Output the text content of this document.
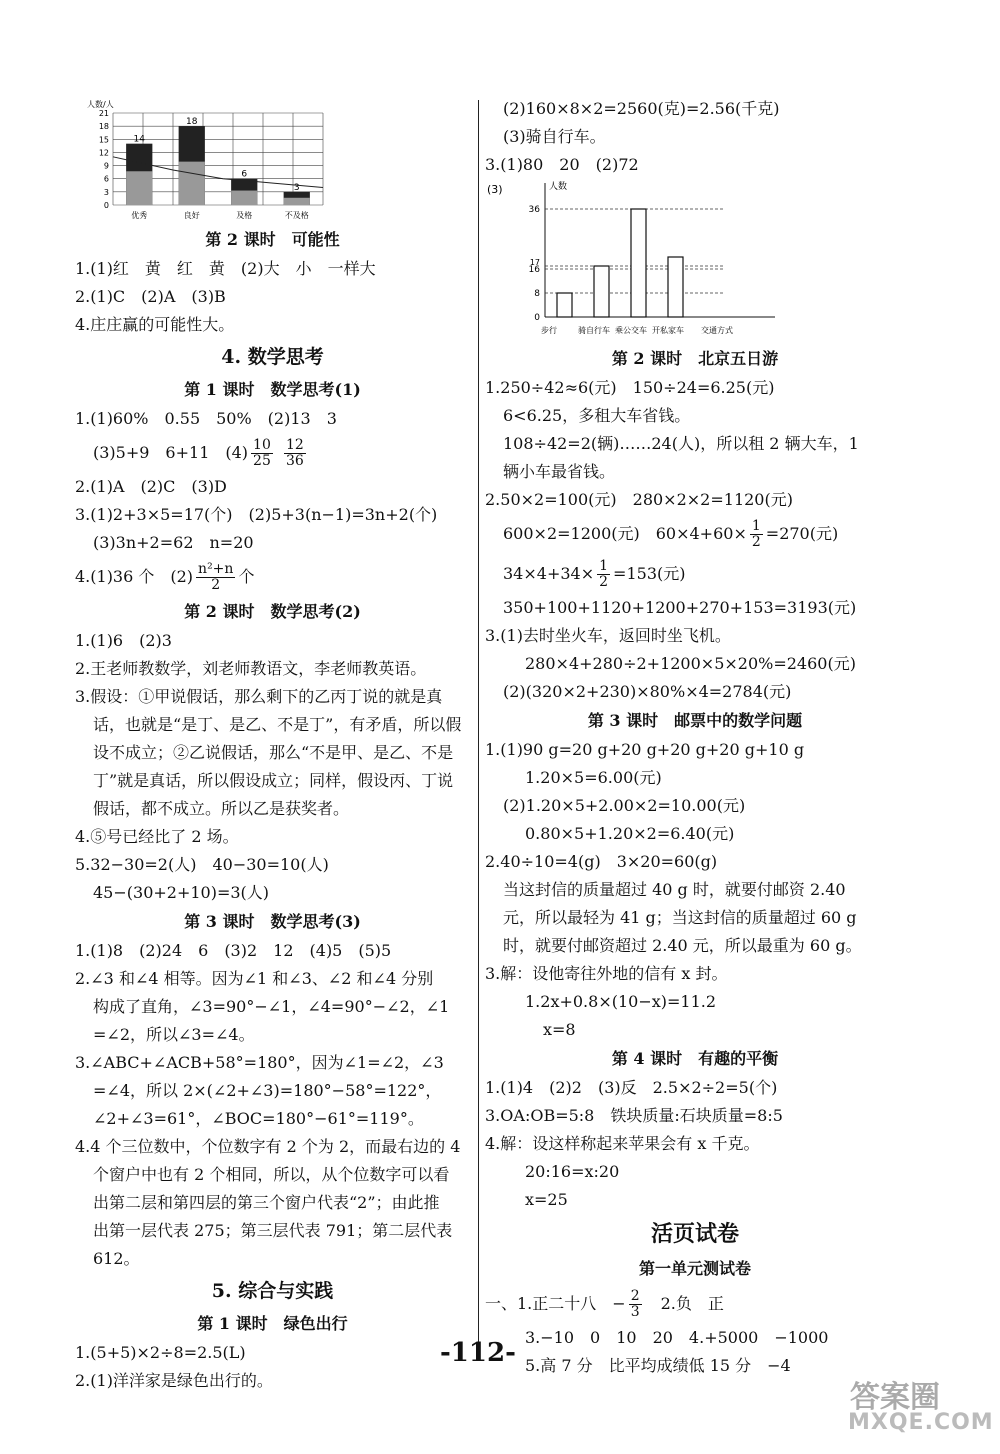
人数/人
0
3
6
9
12
15
18
21
14
优秀
18
良好
6
及格
3
不及格
第 2 课时　可能性
1.(1)红　黄　红　黄　(2)大　小　一样大
2.(1)C　(2)A　(3)B
4.庄庄赢的可能性大。
4. 数学思考
第 1 课时　数学思考(1)
1.(1)60%　0.55　50%　(2)13　3
(3)5+9　6+11　$(4) \frac{10}{25}$
$\frac{12}{36}$
2.(1)A　(2)C　(3)D
3.(1)2+3×5=17(个)　(2)5+3(n−1)=3n+2(个)
(3)3n+2=62　n=20
4.(1)36 个　$(2) \frac{\text{n²+n}}{2}$ 个
第 2 课时　数学思考(2)
1.(1)6　(2)3
2.王老师教数学，刘老师教语文，李老师教英语。
3.假设：①甲说假话，那么剩下的乙丙丁说的就是真
话，也就是“是丁、是乙、不是丁”，有矛盾，所以假
设不成立；②乙说假话，那么“不是甲、是乙、不是
丁”就是真话，所以假设成立；同样，假设丙、丁说
假话，都不成立。所以乙是获奖者。
4.⑤号已经比了 2 场。
5.32−30=2(人)　40−30=10(人)
45−(30+2+10)=3(人)
第 3 课时　数学思考(3)
1.(1)8　(2)24　6　(3)2　12　(4)5　(5)5
2.∠3 和∠4 相等。因为∠1 和∠3、∠2 和∠4 分别
构成了直角，∠3=90°−∠1，∠4=90°−∠2，∠1
=∠2，所以∠3=∠4。
3.∠ABC+∠ACB+58°=180°，因为∠1=∠2，∠3
=∠4，所以 2×(∠2+∠3)=180°−58°=122°，
∠2+∠3=61°，∠BOC=180°−61°=119°。
4.4 个三位数中，个位数字有 2 个为 2，而最右边的 4
个窗户中也有 2 个相同，所以，从个位数字可以看
出第二层和第四层的第三个窗户代表“2”；由此推
出第一层代表 275；第三层代表 791；第二层代表
612。
5. 综合与实践
第 1 课时　绿色出行
1.(5+5)×2÷8=2.5(L)
2.(1)洋洋家是绿色出行的。
(2)160×8×2=2560(克)=2.56(千克)
(3)骑自行车。
3.(1)80　20　(2)72
(3)	人数
0
8
16
36
17
步行	骑自行车 乘公交车 开私家车 交通方式
第 2 课时　北京五日游
1.250÷42≈6(元)　150÷24=6.25(元)
6<6.25，多租大车省钱。
108÷42=2(辆)……24(人)，所以租 2 辆大车，1
辆小车最省钱。
2.50×2=100(元)　280×2×2=1120(元)
600×2=1200(元)　$60\times 4+60\times \frac{1}{2} =270$(元)
$34\times 4+34\times \frac{1}{2} =153$(元)
350+100+1120+1200+270+153=3193(元)
3.(1)去时坐火车，返回时坐飞机。
280×4+280÷2+1200×5×20%=2460(元)
(2)(320×2+230)×80%×4=2784(元)
第 3 课时　邮票中的数学问题
1.(1)90 g=20 g+20 g+20 g+20 g+10 g
1.20×5=6.00(元)
(2)1.20×5+2.00×2=10.00(元)
0.80×5+1.20×2=6.40(元)
2.40÷10=4(g)　3×20=60(g)
当这封信的质量超过 40 g 时，就要付邮资 2.40
元，所以最轻为 41 g；当这封信的质量超过 60 g
时，就要付邮资超过 2.40 元，所以最重为 60 g。
3.解：设他寄往外地的信有 x 封。
1.2x+0.8×(10−x)=11.2
x=8
第 4 课时　有趣的平衡
1.(1)4　(2)2　(3)反　2.5×2÷2=5(个)
3.OA:OB=5:8　铁块质量:石块质量=8:5
4.解：设这样称起来苹果会有 x 千克。
20:16=x:20
x=25
活页试卷
第一单元测试卷
一、1.正二十八　− $\frac{2}{3}$ 　2.负　正
3.−10　0　10　20　4.+5000　−1000
5.高 7 分　比平均成绩低 15 分　−4
-112-
答案圈
MXQE.COM
